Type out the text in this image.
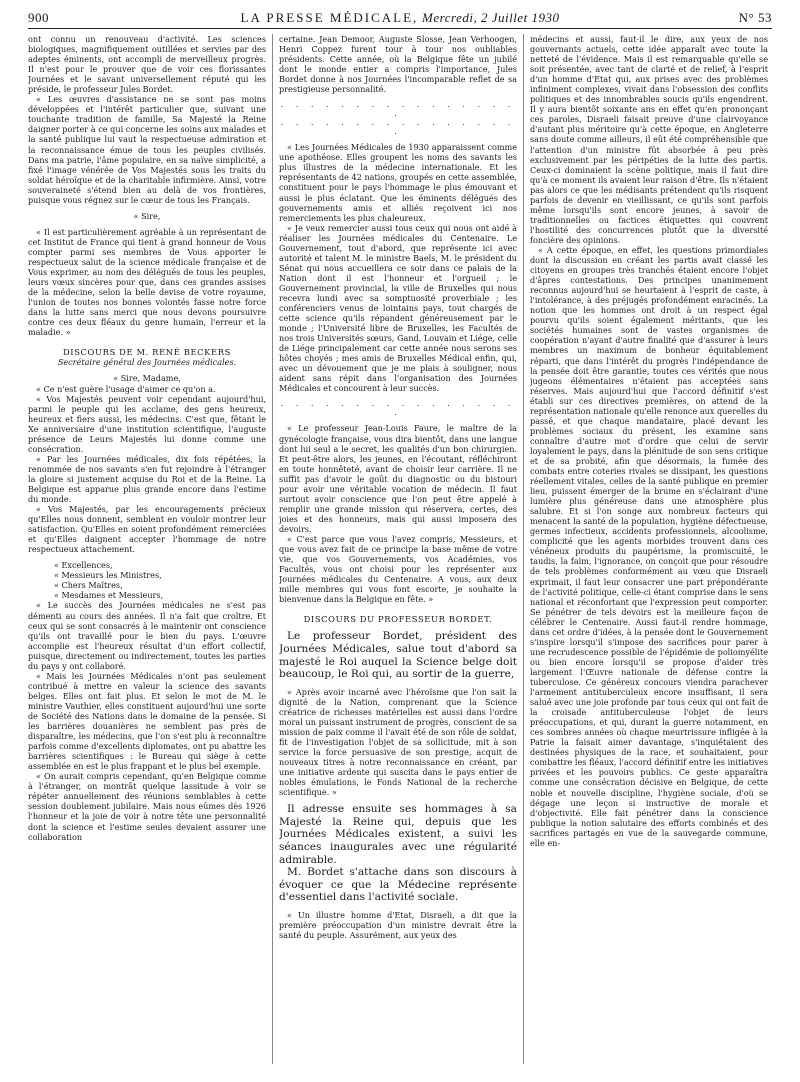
900	LA PRESSE MÉDICALE, Mercredi, 2 Juillet 1930	N° 53

ont connu un renouveau d'activité. Les sciences biologiques, magnifiquement outillées et servies par des adeptes éminents, ont accompli de merveilleux progrès. Il n'est pour le prouver que de voir ces florissantes Journées et le savant universellement réputé qui les préside, le professeur Jules Bordet.

« Les œuvres d'assistance ne se sont pas moins développées et l'intérêt particulier que, suivant une touchante tradition de famille, Sa Majesté la Reine daigner porter à ce qui concerne les soins aux malades et la santé publique lui vaut la respectueuse admiration et la reconnaissance émue de tous les peuples civilisés. Dans ma patrie, l'âme populaire, en sa naïve simplicité, a fixé l'image vénérée de Vos Majestés sous les traits du soldat héroïque et de la charitable infirmière. Ainsi, votre souveraineté s'étend bien au delà de vos frontières, puisque vous régnez sur le cœur de tous les Français.

« Sire,

« Il est particulièrement agréable à un représentant de cet Institut de France qui tient à grand honneur de Vous compter parmi ses membres de Vous apporter le respectueux salut de la science médicale française et de Vous exprimer, au nom des délégués de tous les peuples, leurs vœux sincères pour que, dans ces grandes assises de la médecine, selon la belle devise de votre royaume, l'union de toutes nos bonnes volontés fasse notre force dans la lutte sans merci que nous devons poursuivre contre ces deux fléaux du genre humain, l'erreur et la maladie. »

DISCOURS DE M. RENÉ BECKERS

Secrétaire général des Journées médicales.

« Sire, Madame,

« Ce n'est guère l'usage d'aimer ce qu'on a.

« Vos Majestés peuvent voir cependant aujourd'hui, parmi le peuple qui les acclame, des gens heureux, heureux et fiers aussi, les médecins. C'est que, fêtant le Xe anniversaire d'une institution scientifique, l'auguste présence de Leurs Majestés lui donne comme une consécration.

« Par les Journées médicales, dix fois répétées, la renommée de nos savants s'en fut rejoindre à l'étranger la gloire si justement acquise du Roi et de la Reine. La Belgique est apparue plus grande encore dans l'estime du monde.

« Vos Majestés, par les encouragements précieux qu'Elles nous donnent, semblent en vouloir montrer leur satisfaction. Qu'Elles en soient profondément remerciées et qu'Elles daignent accepter l'hommage de notre respectueux attachement.

« Excellences,

« Messieurs les Ministres,

« Chers Maîtres,

« Mesdames et Messieurs,

« Le succès des Journées médicales ne s'est pas démenti au cours des années. Il n'a fait que croître. Et ceux qui se sont consacrés à le maintenir ont conscience qu'ils ont travaillé pour le bien du pays. L'œuvre accomplie est l'heureux résultat d'un effort collectif, puisque, directement ou indirectement, toutes les parties du pays y ont collaboré.

« Mais les Journées Médicales n'ont pas seulement contribué à mettre en valeur la science des savants belges. Elles ont fait plus. Et selon le mot de M. le ministre Vauthier, elles constituent aujourd'hui une sorte de Société des Nations dans le domaine de la pensée. Si les barrières douanières ne semblent pas près de disparaître, les médecins, que l'on s'est plu à reconnaître parfois comme d'excellents diplomates, ont pu abattre les barrières scientifiques : le Bureau qui siège à cette assemblée en est le plus frappant et le plus bel exemple.

« On aurait compris cependant, qu'en Belgique comme à l'étranger, on montrât quelque lassitude à voir se répéter annuellement des réunions semblables à cette session doublement jubilaire. Mais nous eûmes dès 1926 l'honneur et la joie de voir à notre tête une personnalité dont la science et l'estime seules devaient assurer une collaboration

certaine. Jean Demoor, Auguste Slosse, Jean Verhoogen, Henri Coppez furent tour à tour nos oubliables présidents. Cette année, où la Belgique fête un jubilé dont le monde entier a compris l'importance, Jules Bordet donne à nos Journées l'incomparable reflet de sa prestigieuse personnalité.

. . . . . . . . . . . . . . . . .

. . . . . . . . . . . . . . . . .

« Les Journées Médicales de 1930 apparaissent comme une apothéose. Elles groupent les noms des savants les plus illustres de la médecine internationale. Et les représentants de 42 nations, groupés en cette assemblée, constituent pour le pays l'hommage le plus émouvant et aussi le plus éclatant. Que les éminents délégués des gouvernements amis et alliés reçoivent ici nos remerciements les plus chaleureux.

« Je veux remercier aussi tous ceux qui nous ont aidé à réaliser les Journées médicales du Centenaire. Le Gouvernement, tout d'abord, que représente ici avec autorité et talent M. le ministre Baels, M. le président du Sénat qui nous accueillera ce soir dans ce palais de la Nation dont il est l'honneur et l'orgueil ; le Gouvernement provincial, la ville de Bruxelles qui nous recevra lundi avec sa somptuosité proverbiale ; les conférenciers venus de lointains pays, tout chargés de cette science qu'ils répandent généreusement par le monde ; l'Université libre de Bruxelles, les Facultés de nos trois Universités sœurs, Gand, Louvain et Liége, celle de Liége principalement car cette année nous serons ses hôtes choyés ; mes amis de Bruxelles Médical enfin, qui, avec un dévouement que je me plais à souligner, nous aident sans répit dans l'organisation des Journées Médicales et concourent à leur succès.

. . . . . . . . . . . . . . . . .

« Le professeur Jean-Louis Faure, le maître de la gynécologie française, vous dira bientôt, dans une langue dont lui seul a le secret, les qualités d'un bon chirurgien. Et peut-être alors, les jeunes, en l'écoutant, réfléchiront en toute honnêteté, avant de choisir leur carrière. Il ne suffit pas d'avoir le goût du diagnostic ou du bistouri pour avoir une véritable vocation de médecin. Il faut surtout avoir conscience que l'on peut être appelé à remplir une grande mission qui réservera, certes, des joies et des honneurs, mais qui aussi imposera des devoirs.

« C'est parce que vous l'avez compris, Messieurs, et que vous avez fait de ce principe la base même de votre vie, que vos Gouvernements, vos Académies, vos Facultés, vous ont choisi pour les représenter aux Journées médicales du Centenaire. A vous, aux deux mille membres qui vous font escorte, je souhaite la bienvenue dans la Belgique en fête. »

DISCOURS DU PROFESSEUR BORDET.

Le professeur Bordet, président des Journées Médicales, salue tout d'abord sa majesté le Roi auquel la Science belge doit beaucoup, le Roi qui, au sortir de la guerre,

« Après avoir incarné avec l'héroïsme que l'on sait la dignité de la Nation, comprenant que la Science créatrice de richesses matérielles est aussi dans l'ordre moral un puissant instrument de progrès, conscient de sa mission de paix comme il l'avait été de son rôle de soldat, fit de l'investigation l'objet de sa sollicitude, mit à son service la force persuasive de son prestige, acquit de nouveaux titres à notre reconnaissance en créant, par une initiative ardente qui suscita dans le pays entier de nobles émulations, le Fonds National de la recherche scientifique. »

Il adresse ensuite ses hommages à sa Majesté la Reine qui, depuis que les Journées Médicales existent, a suivi les séances inaugurales avec une régularité admirable.

M. Bordet s'attache dans son discours à évoquer ce que la Médecine représente d'essentiel dans l'activité sociale.

« Un illustre homme d'Etat, Disraeli, a dit que la première préoccupation d'un ministre devrait être la santé du peuple. Assurément, aux yeux des

médecins et aussi, faut-il le dire, aux yeux de nos gouvernants actuels, cette idée apparaît avec toute la netteté de l'évidence. Mais il est remarquable qu'elle se soit présentée, avec tant de clarté et de relief, à l'esprit d'un homme d'Etat qui, aux prises avec des problèmes infiniment complexes, vivait dans l'obsession des conflits politiques et des innombrables soucis qu'ils engendrent. Il y aura bientôt soixante ans en effet qu'en prononçant ces paroles, Disraeli faisait preuve d'une clairvoyance d'autant plus méritoire qu'à cette époque, en Angleterre sans doute comme ailleurs, il eût été compréhensible que l'attention d'un ministre fût absorbée à peu près exclusivement par les péripéties de la lutte des partis. Ceux-ci dominaient la scène politique, mais il faut dire qu'à ce moment ils avaient leur raison d'être. Ils n'étaient pas alors ce que les médisants prétendent qu'ils risquent parfois de devenir en vieillissant, ce qu'ils sont parfois même lorsqu'ils sont encore jeunes, à savoir de traditionnelles ou factices étiquettes qui couvrent l'hostilité des concurrences plutôt que la diversité foncière des opinions.

« A cette époque, en effet, les questions primordiales dont la discussion en créant les partis avait classé les citoyens en groupes très tranchés étaient encore l'objet d'âpres contestations. Des principes unanimement reconnus aujourd'hui se heurtaient à l'esprit de caste, à l'intolérance, à des préjugés profondément enracinés. La notion que les hommes ont droit à un respect égal pourvu qu'ils soient également méritants, que les sociétés humaines sont de vastes organismes de coopération n'ayant d'autre finalité que d'assurer à leurs membres un maximum de bonheur équitablement réparti, que dans l'intérêt du progrès l'indépendance de la pensée doit être garantie, toutes ces vérités que nous jugeons élémentaires n'étaient pas acceptées sans réserves. Mais aujourd'hui que l'accord définitif s'est établi sur ces directives premières, on attend de la représentation nationale qu'elle renonce aux querelles du passé, et que chaque mandataire, placé devant les problèmes sociaux du présent, les examine sans connaître d'autre mot d'ordre que celui de servir loyalement le pays, dans la plénitude de son sens critique et de sa probité, afin que désormais, la fumée des combats entre coteries rivales se dissipant, les questions réellement vitales, celles de la santé publique en premier lieu, puissent émerger de la brume en s'éclairant d'une lumière plus généreuse dans une atmosphère plus salubre. Et si l'on songe aux nombreux facteurs qui menacent la santé de la population, hygiène défectueuse, germes infectieux, accidents professionnels, alcoolisme, complicité que les agents morbides trouvent dans ces vénéneux produits du paupérisme, la promiscuité, le taudis, la faim, l'ignorance, on conçoit que pour résoudre de tels problèmes conformément au vœu que Disraeli exprimait, il faut leur consacrer une part prépondérante de l'activité politique, celle-ci étant comprise dans le sens national et réconfortant que l'expression peut comporter. Se pénétrer de tels devoirs est la meilleure façon de célébrer le Centenaire. Aussi faut-il rendre hommage, dans cet ordre d'idées, à la pensée dont le Gouvernement s'inspire lorsqu'il s'impose des sacrifices pour parer à une recrudescence possible de l'épidémie de poliomyélite ou bien encore lorsqu'il se propose d'aider très largement l'Œuvre nationale de défense contre la tuberculose. Ce généreux concours viendra parachever l'armement antituberculeux encore insuffisant, il sera salué avec une joie profonde par tous ceux qui ont fait de la croisade antituberculeuse l'objet de leurs préoccupations, et qui, durant la guerre notamment, en ces sombres années où chaque meurtrissure infligée à la Patrie la faisait aimer davantage, s'inquiétaient des destinées physiques de la race, et souhaitaient, pour combattre les fléaux, l'accord définitif entre les initiatives privées et les pouvoirs publics. Ce geste apparaîtra comme une consécration décisive en Belgique, de cette noble et nouvelle discipline, l'hygiène sociale, d'où se dégage une leçon si instructive de morale et d'objectivité. Elle fait pénétrer dans la conscience publique la notion salutaire des efforts combinés et des sacrifices partagés en vue de la sauvegarde commune, elle en-
